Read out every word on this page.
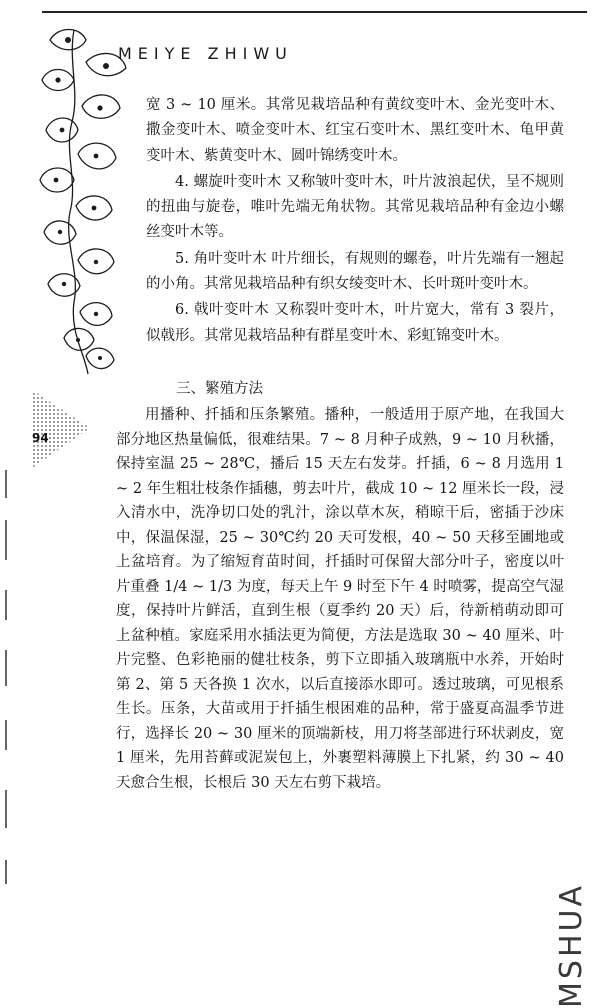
MEIYE ZHIWU
94

宽 3 ~ 10 厘米。其常见栽培品种有黄纹变叶木、金光变叶木、撒金变叶木、喷金变叶木、红宝石变叶木、黑红变叶木、龟甲黄变叶木、紫黄变叶木、圆叶锦绣变叶木。

4. 螺旋叶变叶木 又称皱叶变叶木，叶片波浪起伏，呈不规则的扭曲与旋卷，唯叶先端无角状物。其常见栽培品种有金边小螺丝变叶木等。

5. 角叶变叶木 叶片细长，有规则的螺卷，叶片先端有一翘起的小角。其常见栽培品种有织女绫变叶木、长叶斑叶变叶木。

6. 戟叶变叶木 又称裂叶变叶木，叶片宽大，常有 3 裂片，似戟形。其常见栽培品种有群星变叶木、彩虹锦变叶木。

三、繁殖方法

用播种、扦插和压条繁殖。播种，一般适用于原产地，在我国大部分地区热量偏低，很难结果。7 ~ 8 月种子成熟，9 ~ 10 月秋播，保持室温 25 ~ 28℃，播后 15 天左右发芽。扦插，6 ~ 8 月选用 1 ~ 2 年生粗壮枝条作插穗，剪去叶片，截成 10 ~ 12 厘米长一段，浸入清水中，洗净切口处的乳汁，涂以草木灰，稍晾干后，密插于沙床中，保温保湿，25 ~ 30℃约 20 天可发根，40 ~ 50 天移至圃地或上盆培育。为了缩短育苗时间，扦插时可保留大部分叶子，密度以叶片重叠 1/4 ~ 1/3 为度，每天上午 9 时至下午 4 时喷雾，提高空气湿度，保持叶片鲜活，直到生根（夏季约 20 天）后，待新梢萌动即可上盆种植。家庭采用水插法更为简便，方法是选取 30 ~ 40 厘米、叶片完整、色彩艳丽的健壮枝条，剪下立即插入玻璃瓶中水养，开始时第 2、第 5 天各换 1 次水，以后直接添水即可。透过玻璃，可见根系生长。压条，大苗或用于扦插生根困难的品种，常于盛夏高温季节进行，选择长 20 ~ 30 厘米的顶端新枝，用刀将茎部进行环状剥皮，宽 1 厘米，先用苔藓或泥炭包上，外裹塑料薄膜上下扎紧，约 30 ~ 40 天愈合生根，长根后 30 天左右剪下栽培。

MSHUA
